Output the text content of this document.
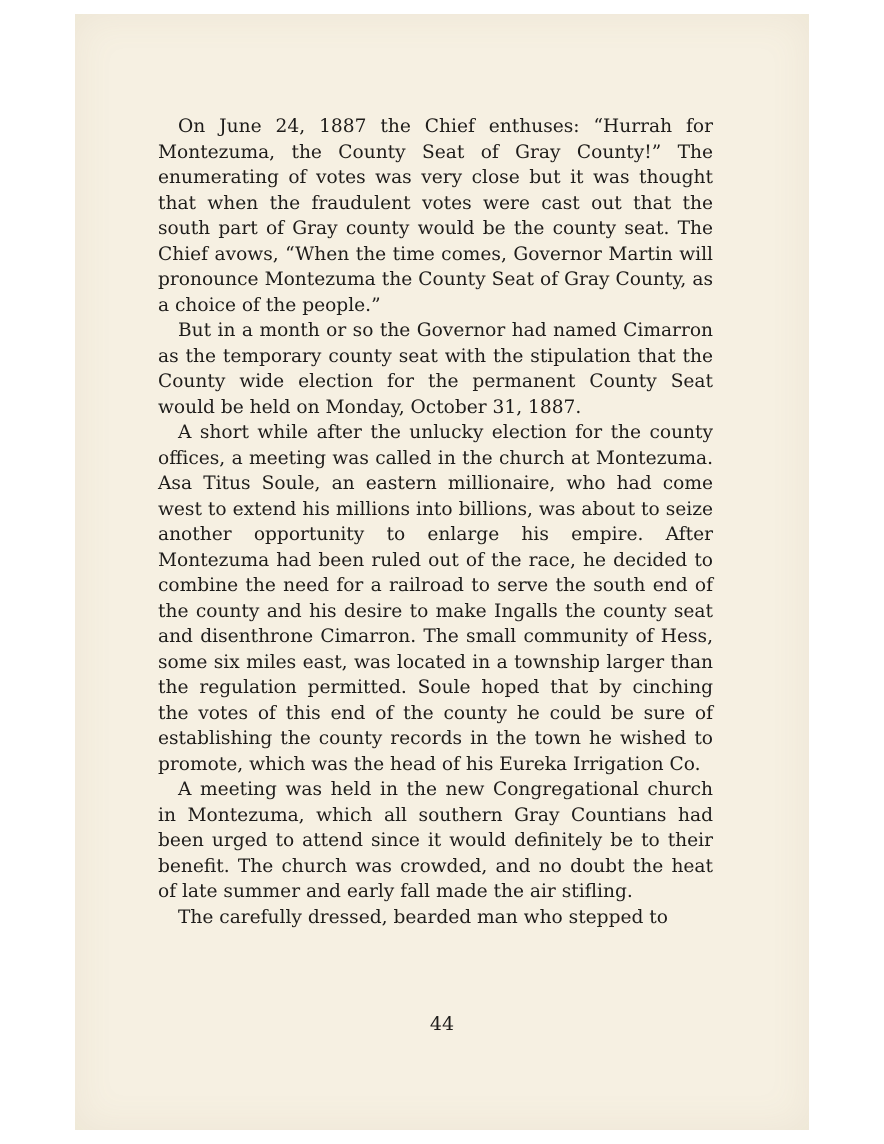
On June 24, 1887 the Chief enthuses: “Hurrah for Montezuma, the County Seat of Gray County!” The enumerating of votes was very close but it was thought that when the fraudulent votes were cast out that the south part of Gray county would be the county seat. The Chief avows, “When the time comes, Governor Martin will pronounce Montezuma the County Seat of Gray County, as a choice of the people.”

But in a month or so the Governor had named Cimarron as the temporary county seat with the stipulation that the County wide election for the permanent County Seat would be held on Monday, October 31, 1887.

A short while after the unlucky election for the county offices, a meeting was called in the church at Montezuma. Asa Titus Soule, an eastern millionaire, who had come west to extend his millions into billions, was about to seize another opportunity to enlarge his empire. After Montezuma had been ruled out of the race, he decided to combine the need for a railroad to serve the south end of the county and his desire to make Ingalls the county seat and disenthrone Cimarron. The small community of Hess, some six miles east, was located in a township larger than the regulation permitted. Soule hoped that by cinching the votes of this end of the county he could be sure of establishing the county records in the town he wished to promote, which was the head of his Eureka Irrigation Co.

A meeting was held in the new Congregational church in Montezuma, which all southern Gray Countians had been urged to attend since it would definitely be to their benefit. The church was crowded, and no doubt the heat of late summer and early fall made the air stifling.

The carefully dressed, bearded man who stepped to

44
